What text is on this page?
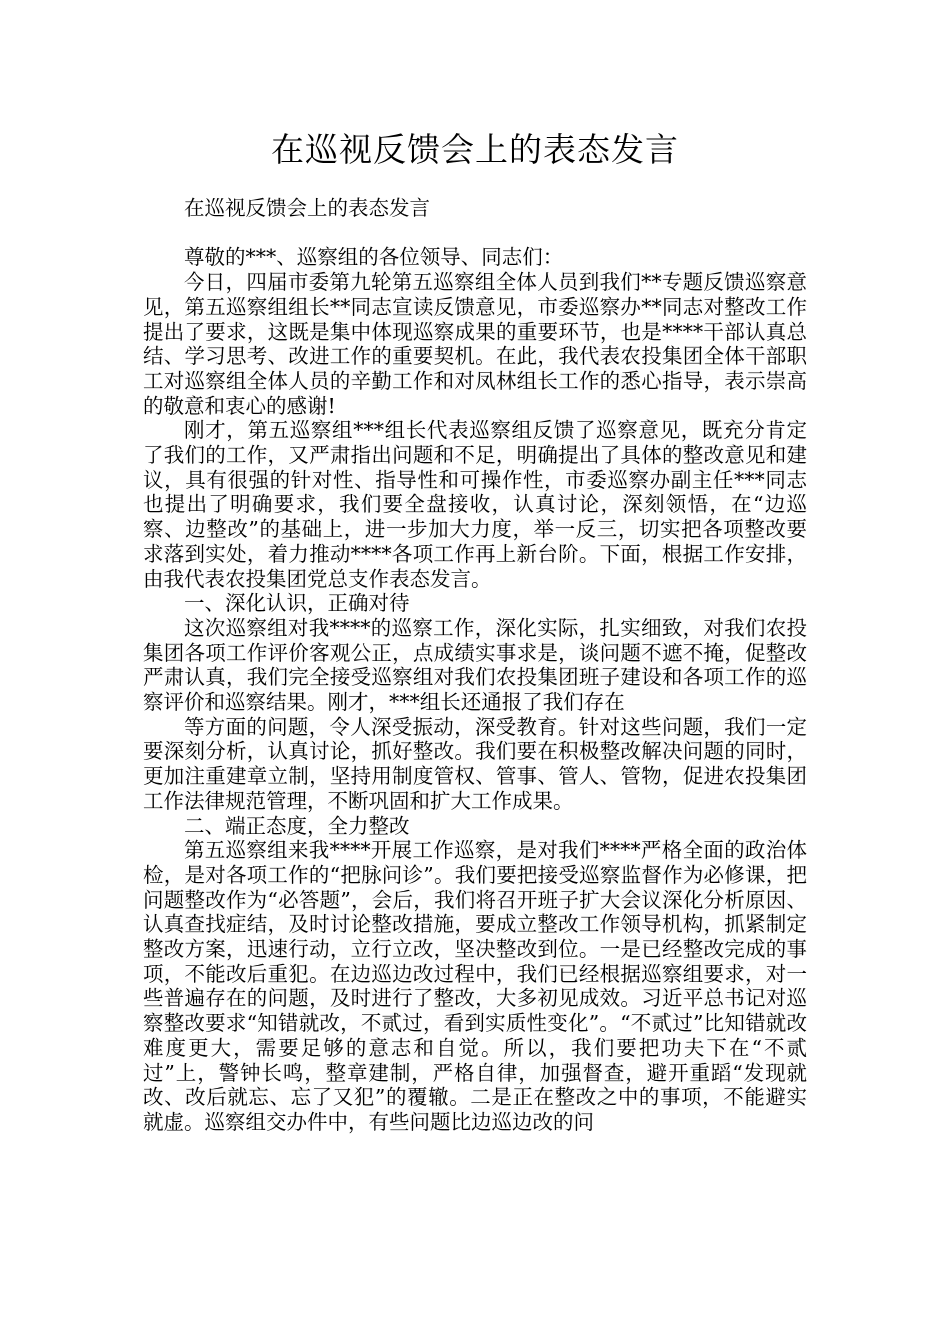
在巡视反馈会上的表态发言

在巡视反馈会上的表态发言

尊敬的***、巡察组的各位领导、同志们：

今日，四届市委第九轮第五巡察组全体人员到我们**专题反馈巡察意见，第五巡察组组长**同志宣读反馈意见，市委巡察办**同志对整改工作提出了要求，这既是集中体现巡察成果的重要环节，也是****干部认真总结、学习思考、改进工作的重要契机。在此，我代表农投集团全体干部职工对巡察组全体人员的辛勤工作和对凤林组长工作的悉心指导，表示崇高的敬意和衷心的感谢!

刚才，第五巡察组***组长代表巡察组反馈了巡察意见，既充分肯定了我们的工作，又严肃指出问题和不足，明确提出了具体的整改意见和建议，具有很强的针对性、指导性和可操作性，市委巡察办副主任***同志也提出了明确要求，我们要全盘接收，认真讨论，深刻领悟，在“边巡察、边整改”的基础上，进一步加大力度，举一反三，切实把各项整改要求落到实处，着力推动****各项工作再上新台阶。下面，根据工作安排，由我代表农投集团党总支作表态发言。

一、深化认识，正确对待

这次巡察组对我****的巡察工作，深化实际，扎实细致，对我们农投集团各项工作评价客观公正，点成绩实事求是，谈问题不遮不掩，促整改严肃认真，我们完全接受巡察组对我们农投集团班子建设和各项工作的巡察评价和巡察结果。刚才，***组长还通报了我们存在

等方面的问题，令人深受振动，深受教育。针对这些问题，我们一定要深刻分析，认真讨论，抓好整改。我们要在积极整改解决问题的同时，更加注重建章立制，坚持用制度管权、管事、管人、管物，促进农投集团工作法律规范管理，不断巩固和扩大工作成果。

二、端正态度，全力整改

第五巡察组来我****开展工作巡察，是对我们****严格全面的政治体检，是对各项工作的“把脉问诊”。我们要把接受巡察监督作为必修课，把问题整改作为“必答题”，会后，我们将召开班子扩大会议深化分析原因、认真查找症结，及时讨论整改措施，要成立整改工作领导机构，抓紧制定整改方案，迅速行动，立行立改，坚决整改到位。一是已经整改完成的事项，不能改后重犯。在边巡边改过程中，我们已经根据巡察组要求，对一些普遍存在的问题，及时进行了整改，大多初见成效。习近平总书记对巡察整改要求“知错就改，不贰过，看到实质性变化”。“不贰过”比知错就改难度更大，需要足够的意志和自觉。所以，我们要把功夫下在“不贰过”上，警钟长鸣，整章建制，严格自律，加强督查，避开重蹈“发现就改、改后就忘、忘了又犯”的覆辙。二是正在整改之中的事项，不能避实就虚。巡察组交办件中，有些问题比边巡边改的问
